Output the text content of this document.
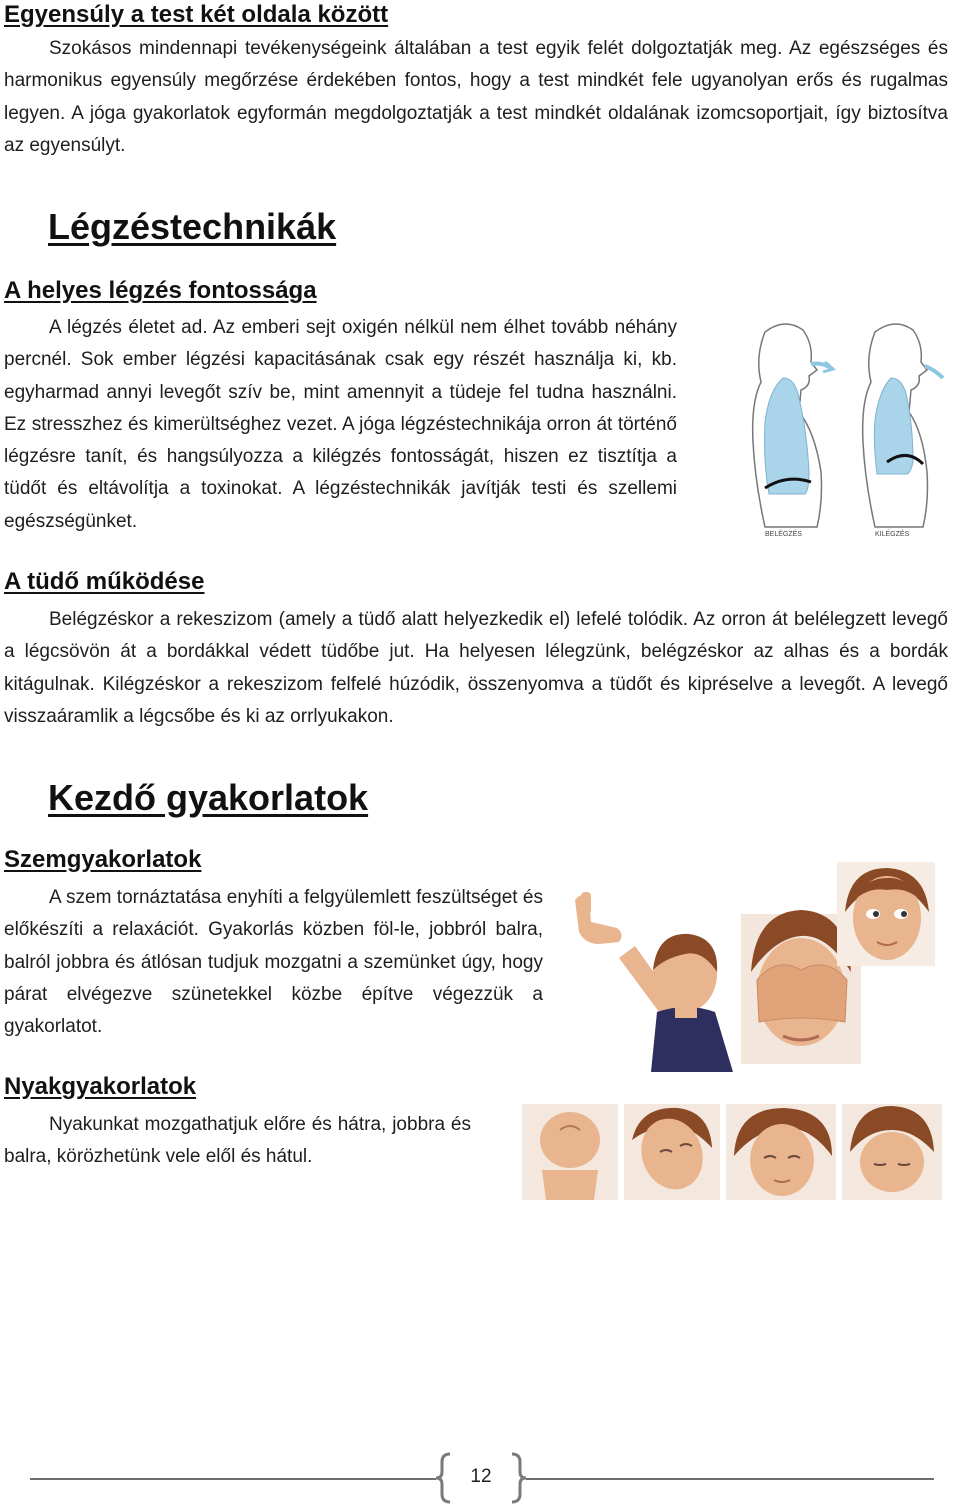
Egyensúly a test két oldala között

Szokásos mindennapi tevékenységeink általában a test egyik felét dolgoztatják meg. Az egészséges és harmonikus egyensúly megőrzése érdekében fontos, hogy a test mindkét fele ugyanolyan erős és rugalmas legyen. A jóga gyakorlatok egyformán megdolgoztatják a test mindkét oldalának izomcsoportjait, így biztosítva az egyensúlyt.

Légzéstechnikák
A helyes légzés fontossága

A légzés életet ad. Az emberi sejt oxigén nélkül nem élhet tovább néhány percnél. Sok ember légzési kapacitásának csak egy részét használja ki, kb. egyharmad annyi levegőt szív be, mint amennyit a tüdeje fel tudna használni. Ez stresszhez és kimerültséghez vezet. A jóga légzéstechnikája orron át történő légzésre tanít, és hangsúlyozza a kilégzés fontosságát, hiszen ez tisztítja a tüdőt és eltávolítja a toxinokat. A légzéstechnikák javítják testi és szellemi egészségünket.

BELÉGZÉS	KILÉGZÉS
A tüdő működése

Belégzéskor a rekeszizom (amely a tüdő alatt helyezkedik el) lefelé tolódik. Az orron át belélegzett levegő a légcsövön át a bordákkal védett tüdőbe jut. Ha helyesen lélegzünk, belégzéskor az alhas és a bordák kitágulnak. Kilégzéskor a rekeszizom felfelé húzódik, összenyomva a tüdőt és kipréselve a levegőt. A levegő visszaáramlik a légcsőbe és ki az orrlyukakon.

Kezdő gyakorlatok
Szemgyakorlatok

A szem tornáztatása enyhíti a felgyülemlett feszültséget és előkészíti a relaxációt. Gyakorlás közben föl-le, jobbról balra, balról jobbra és átlósan tudjuk mozgatni a szemünket úgy, hogy párat elvégezve szünetekkel közbe építve végezzük a gyakorlatot.

Nyakgyakorlatok

Nyakunkat mozgathatjuk előre és hátra, jobbra és balra, körözhetünk vele elől és hátul.

12
